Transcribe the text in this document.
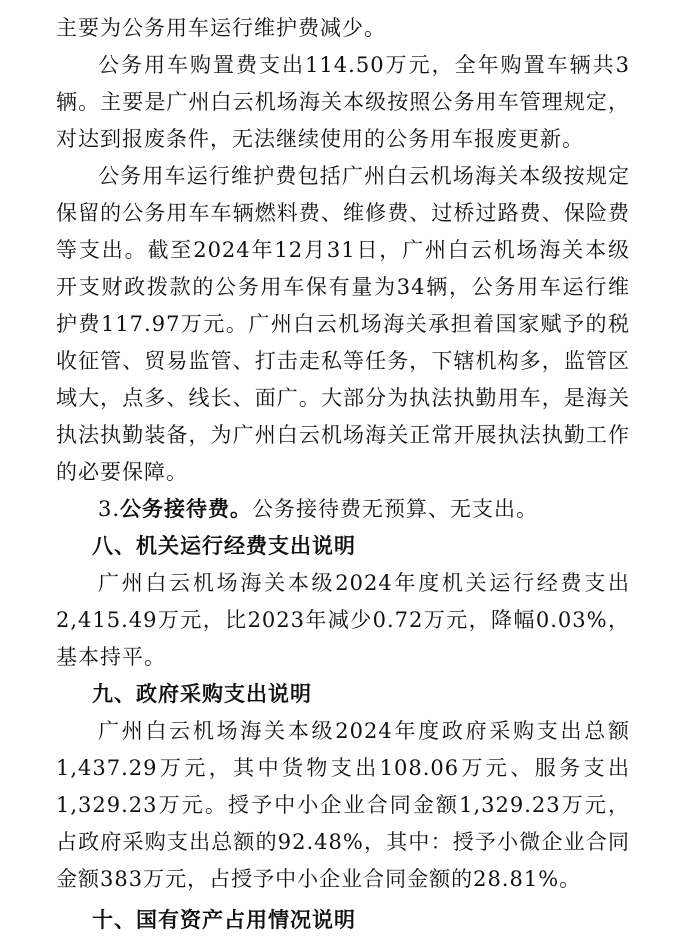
主要为公务用车运行维护费减少。

公务用车购置费支出114.50万元，全年购置车辆共3辆。主要是广州白云机场海关本级按照公务用车管理规定，对达到报废条件，无法继续使用的公务用车报废更新。

公务用车运行维护费包括广州白云机场海关本级按规定保留的公务用车车辆燃料费、维修费、过桥过路费、保险费等支出。截至2024年12月31日，广州白云机场海关本级开支财政拨款的公务用车保有量为34辆，公务用车运行维护费117.97万元。广州白云机场海关承担着国家赋予的税收征管、贸易监管、打击走私等任务，下辖机构多，监管区域大，点多、线长、面广。大部分为执法执勤用车，是海关执法执勤装备，为广州白云机场海关正常开展执法执勤工作的必要保障。

3.公务接待费。公务接待费无预算、无支出。

八、机关运行经费支出说明

广州白云机场海关本级2024年度机关运行经费支出2,415.49万元，比2023年减少0.72万元，降幅0.03%，基本持平。

九、政府采购支出说明

广州白云机场海关本级2024年度政府采购支出总额1,437.29万元，其中货物支出108.06万元、服务支出1,329.23万元。授予中小企业合同金额1,329.23万元，占政府采购支出总额的92.48%，其中：授予小微企业合同金额383万元，占授予中小企业合同金额的28.81%。

十、国有资产占用情况说明
